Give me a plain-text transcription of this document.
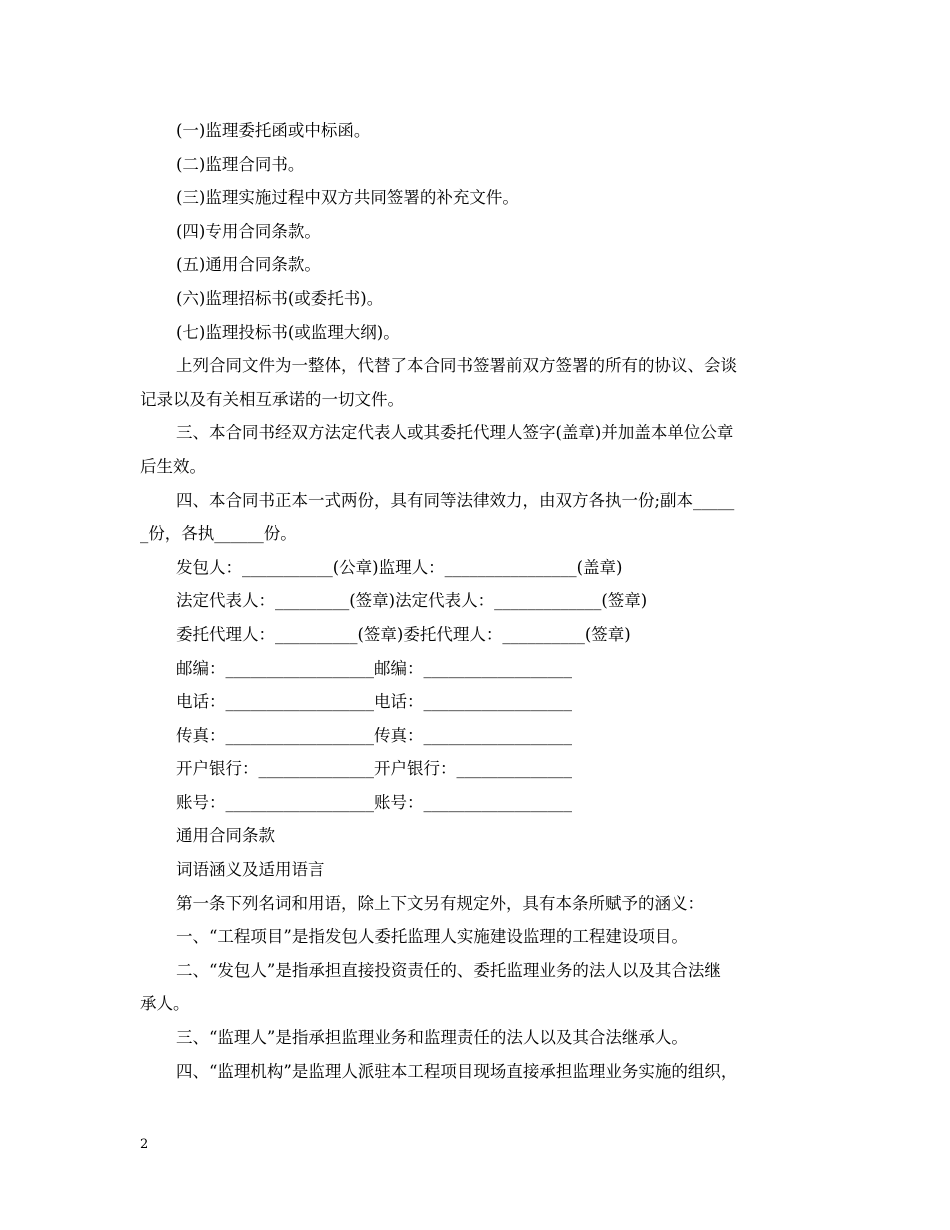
(一)监理委托函或中标函。
(二)监理合同书。
(三)监理实施过程中双方共同签署的补充文件。
(四)专用合同条款。
(五)通用合同条款。
(六)监理招标书(或委托书)。
(七)监理投标书(或监理大纲)。
上列合同文件为一整体，代替了本合同书签署前双方签署的所有的协议、会谈
记录以及有关相互承诺的一切文件。
三、本合同书经双方法定代表人或其委托代理人签字(盖章)并加盖本单位公章
后生效。
四、本合同书正本一式两份，具有同等法律效力，由双方各执一份;副本_____
_份，各执______份。
发包人：___________(公章)监理人：________________(盖章)
法定代表人：_________(签章)法定代表人：_____________(签章)
委托代理人：__________(签章)委托代理人：__________(签章)
邮编：__________________邮编：__________________
电话：__________________电话：__________________
传真：__________________传真：__________________
开户银行：______________开户银行：______________
账号：__________________账号：__________________
通用合同条款
词语涵义及适用语言
第一条下列名词和用语，除上下文另有规定外，具有本条所赋予的涵义：
一、“工程项目”是指发包人委托监理人实施建设监理的工程建设项目。
二、“发包人”是指承担直接投资责任的、委托监理业务的法人以及其合法继
承人。
三、“监理人”是指承担监理业务和监理责任的法人以及其合法继承人。
四、“监理机构”是监理人派驻本工程项目现场直接承担监理业务实施的组织，
2
